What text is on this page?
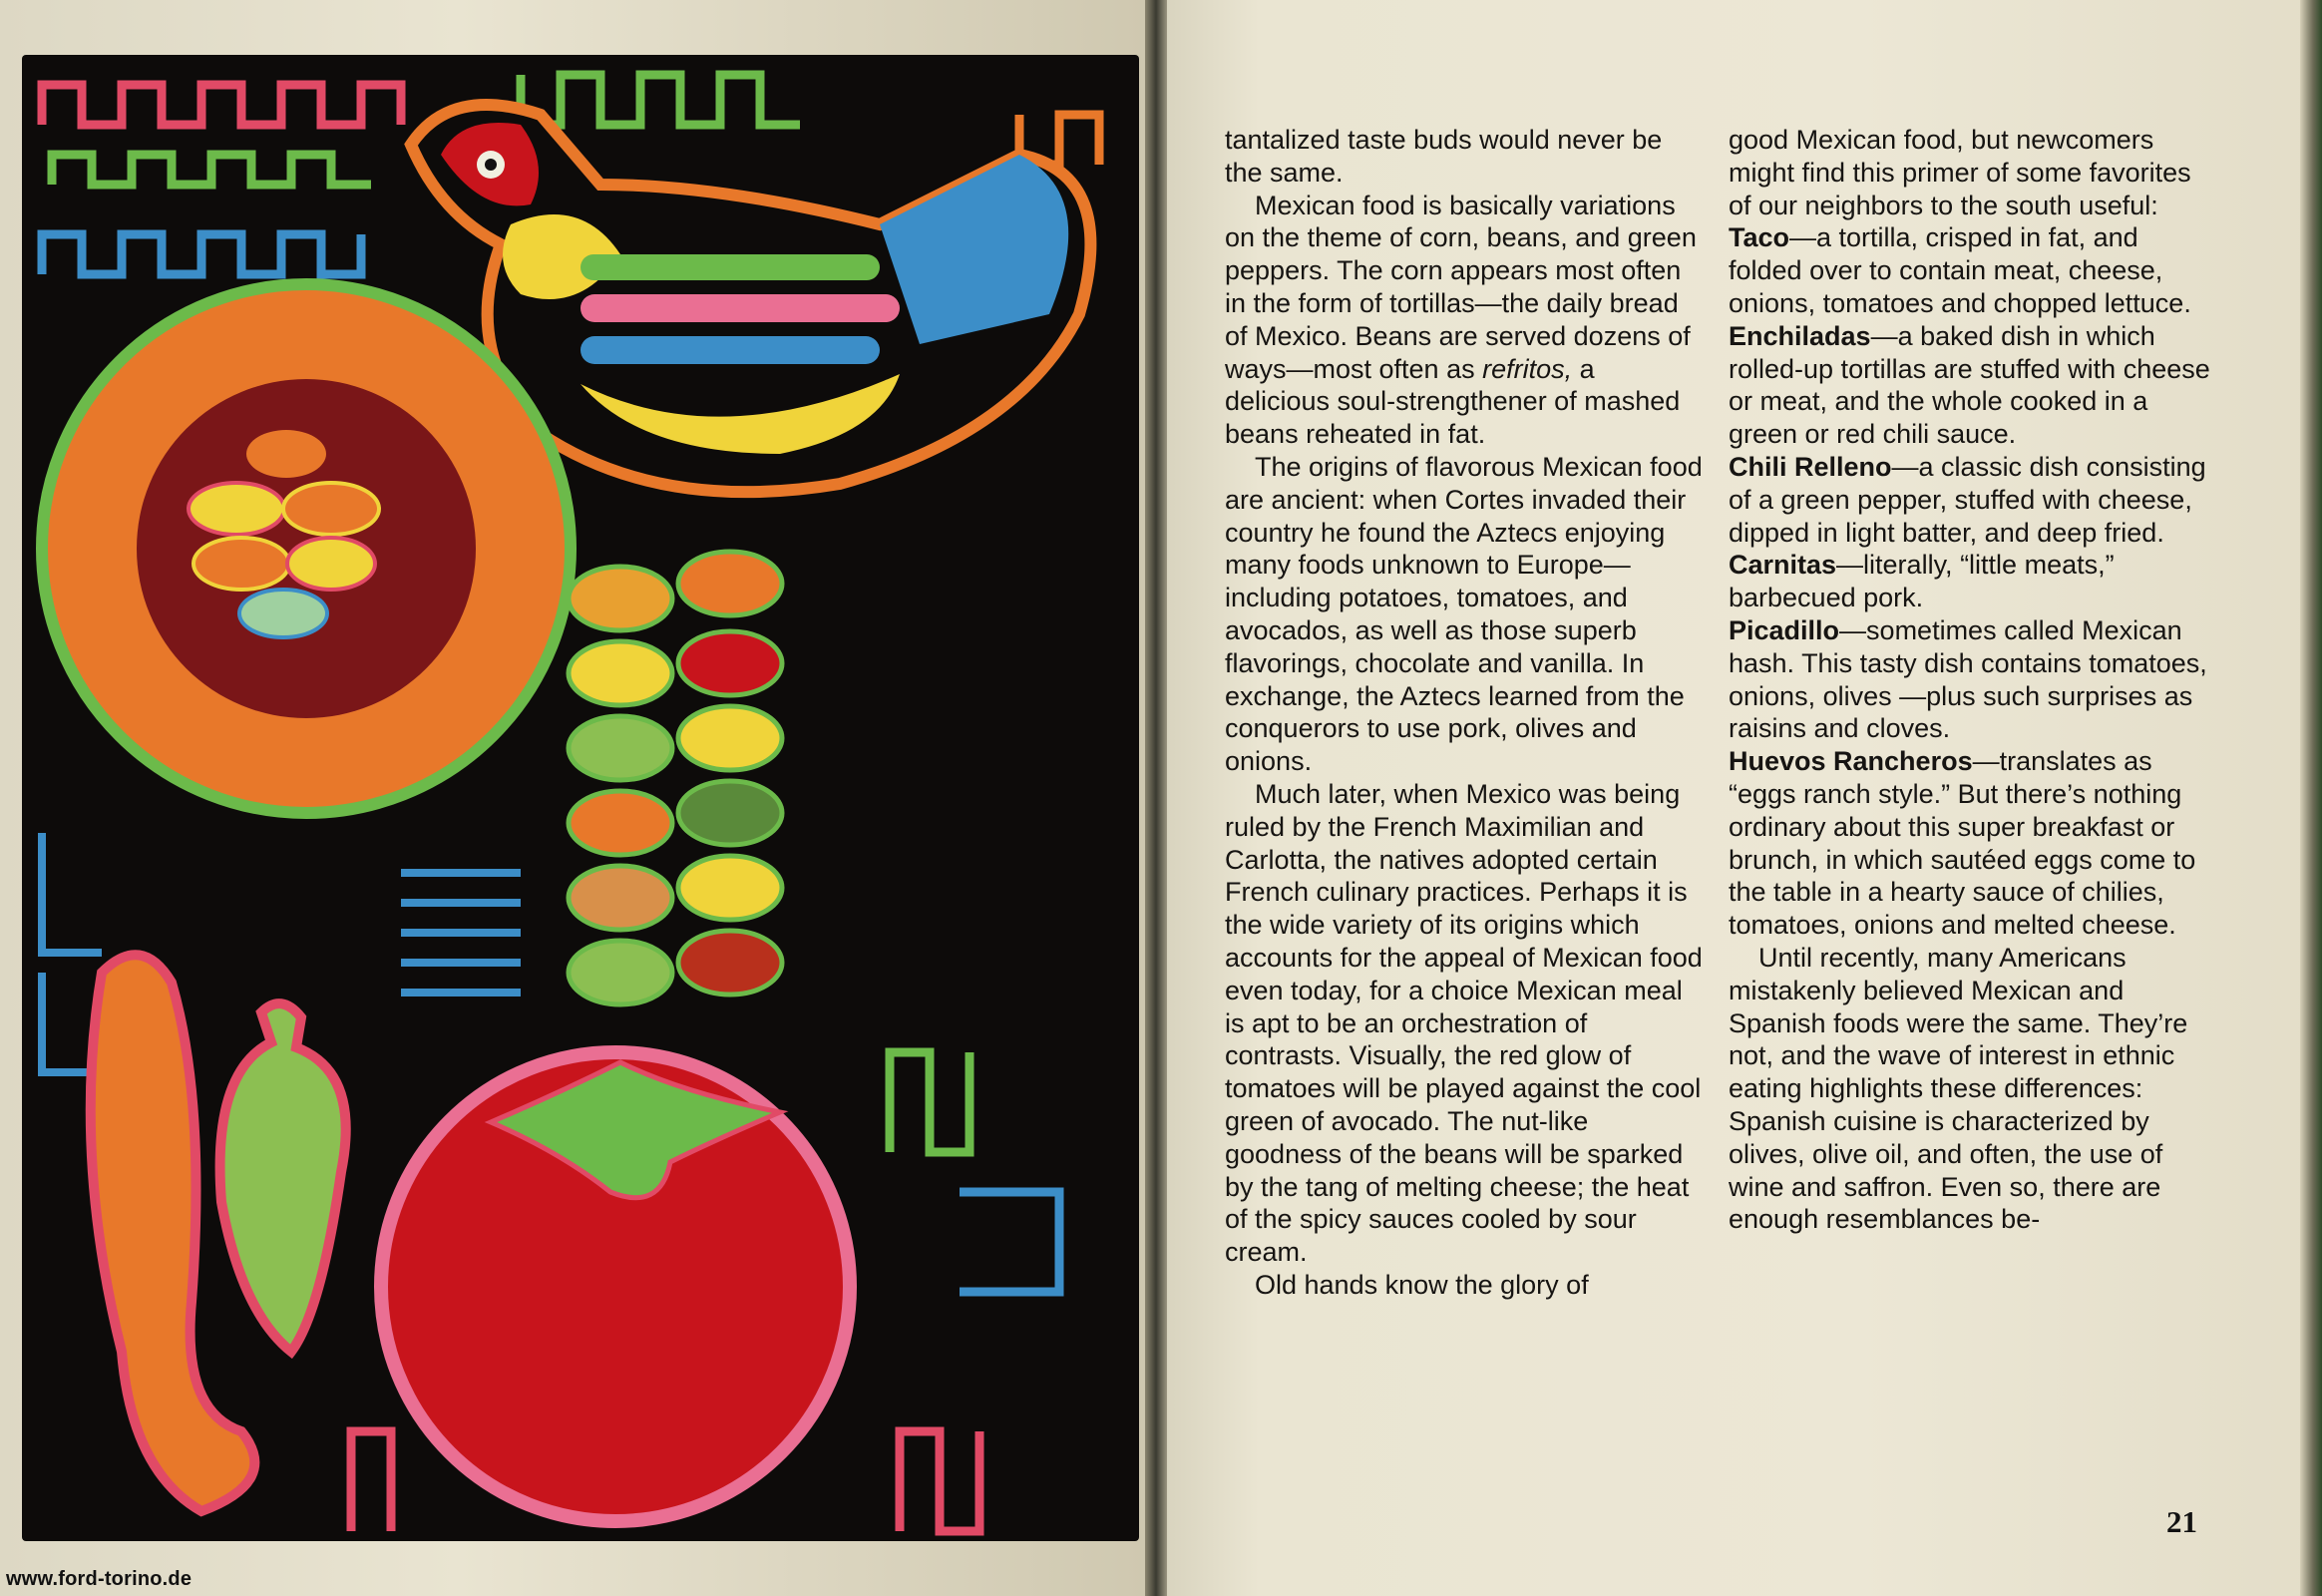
www.ford-torino.de

tantalized taste buds would never be the same.

Mexican food is basically variations on the theme of corn, beans, and green peppers. The corn appears most often in the form of tortillas—the daily bread of Mexico. Beans are served dozens of ways—most often as refritos, a delicious soul-strengthener of mashed beans reheated in fat.

The origins of flavorous Mexican food are ancient: when Cortes invaded their country he found the Aztecs enjoying many foods unknown to Europe—including potatoes, tomatoes, and avocados, as well as those superb flavorings, chocolate and vanilla. In exchange, the Aztecs learned from the conquerors to use pork, olives and onions.

Much later, when Mexico was being ruled by the French Maximilian and Carlotta, the natives adopted certain French culinary practices. Perhaps it is the wide variety of its origins which accounts for the appeal of Mexican food even today, for a choice Mexican meal is apt to be an orchestration of contrasts. Visually, the red glow of tomatoes will be played against the cool green of avocado. The nut-like goodness of the beans will be sparked by the tang of melting cheese; the heat of the spicy sauces cooled by sour cream.

Old hands know the glory of

good Mexican food, but newcomers might find this primer of some favorites of our neighbors to the south useful:

Taco—a tortilla, crisped in fat, and folded over to contain meat, cheese, onions, tomatoes and chopped lettuce.

Enchiladas—a baked dish in which rolled-up tortillas are stuffed with cheese or meat, and the whole cooked in a green or red chili sauce.

Chili Relleno—a classic dish consisting of a green pepper, stuffed with cheese, dipped in light batter, and deep fried.

Carnitas—literally, “little meats,” barbecued pork.

Picadillo—sometimes called Mexican hash. This tasty dish contains tomatoes, onions, olives —plus such surprises as raisins and cloves.

Huevos Rancheros—translates as “eggs ranch style.” But there’s nothing ordinary about this super breakfast or brunch, in which sautéed eggs come to the table in a hearty sauce of chilies, tomatoes, onions and melted cheese.

Until recently, many Americans mistakenly believed Mexican and Spanish foods were the same. They’re not, and the wave of interest in ethnic eating highlights these differences: Spanish cuisine is characterized by olives, olive oil, and often, the use of wine and saffron. Even so, there are enough resemblances be-

21
